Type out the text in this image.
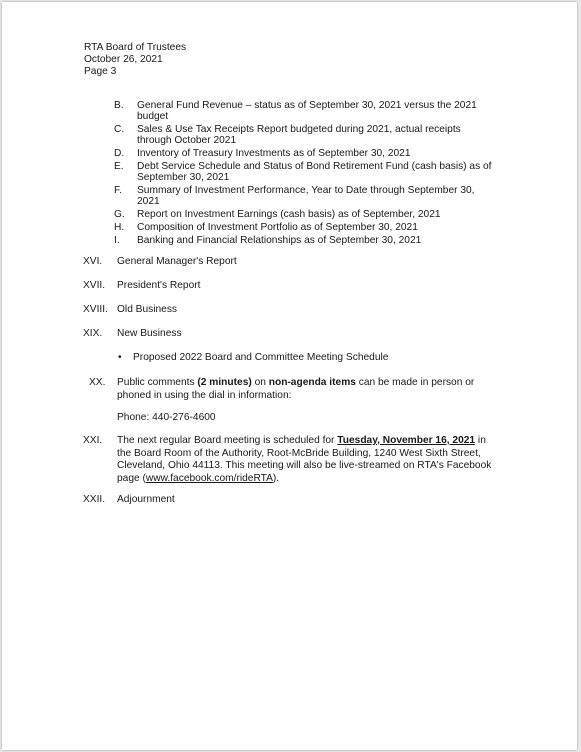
RTA Board of Trustees
October 26, 2021
Page 3
B.	General Fund Revenue – status as of September 30, 2021 versus the 2021 budget
C.	Sales & Use Tax Receipts Report budgeted during 2021, actual receipts through October 2021
D.	Inventory of Treasury Investments as of September 30, 2021
E.	Debt Service Schedule and Status of Bond Retirement Fund (cash basis) as of September 30, 2021
F.	Summary of Investment Performance, Year to Date through September 30, 2021
G.	Report on Investment Earnings (cash basis) as of September, 2021
H.	Composition of Investment Portfolio as of September 30, 2021
I.	Banking and Financial Relationships as of September 30, 2021
XVI.	General Manager's Report
XVII.	President's Report
XVIII. Old Business
XIX.	New Business
•	Proposed 2022 Board and Committee Meeting Schedule
XX.	Public comments (2 minutes) on non-agenda items can be made in person or phoned in using the dial in information:
Phone: 440-276-4600
XXI.	The next regular Board meeting is scheduled for Tuesday, November 16, 2021 in the Board Room of the Authority, Root-McBride Building, 1240 West Sixth Street, Cleveland, Ohio 44113. This meeting will also be live-streamed on RTA's Facebook page (www.facebook.com/rideRTA).
XXII.	Adjournment
